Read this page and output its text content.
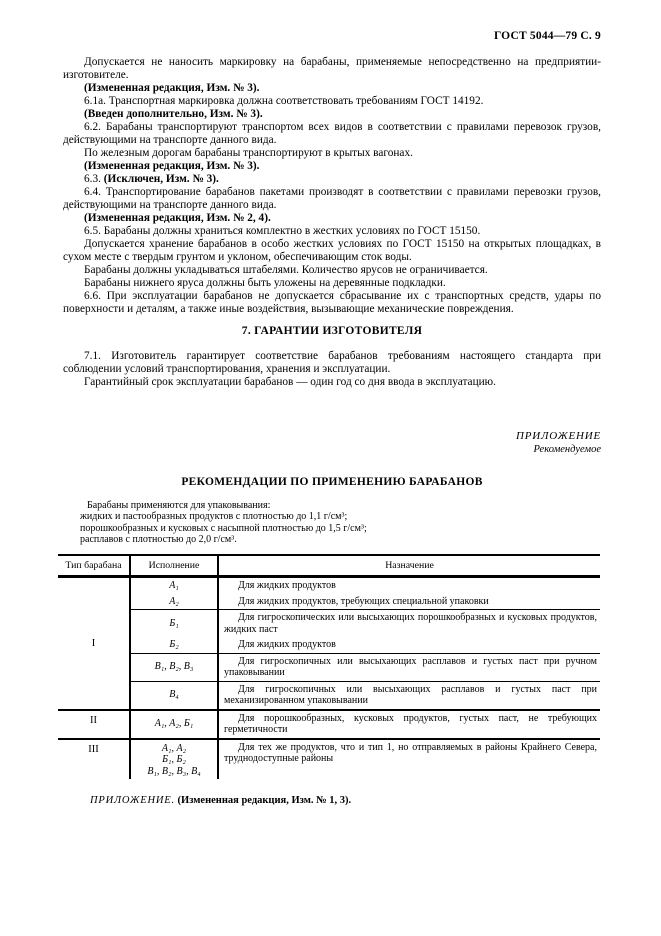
ГОСТ 5044—79 С. 9

Допускается не наносить маркировку на барабаны, применяемые непосредственно на предприятии-изготовителе.

(Измененная редакция, Изм. № 3).

6.1а. Транспортная маркировка должна соответствовать требованиям ГОСТ 14192.

(Введен дополнительно, Изм. № 3).

6.2. Барабаны транспортируют транспортом всех видов в соответствии с правилами перевозок грузов, действующими на транспорте данного вида.

По железным дорогам барабаны транспортируют в крытых вагонах.

(Измененная редакция, Изм. № 3).

6.3. (Исключен, Изм. № 3).

6.4. Транспортирование барабанов пакетами производят в соответствии с правилами перевозки грузов, действующими на транспорте данного вида.

(Измененная редакция, Изм. № 2, 4).

6.5. Барабаны должны храниться комплектно в жестких условиях по ГОСТ 15150.

Допускается хранение барабанов в особо жестких условиях по ГОСТ 15150 на открытых площадках, в сухом месте с твердым грунтом и уклоном, обеспечивающим сток воды.

Барабаны должны укладываться штабелями. Количество ярусов не ограничивается.

Барабаны нижнего яруса должны быть уложены на деревянные подкладки.

6.6. При эксплуатации барабанов не допускается сбрасывание их с транспортных средств, удары по поверхности и деталям, а также иные воздействия, вызывающие механические повреждения.

7. ГАРАНТИИ ИЗГОТОВИТЕЛЯ

7.1. Изготовитель гарантирует соответствие барабанов требованиям настоящего стандарта при соблюдении условий транспортирования, хранения и эксплуатации.

Гарантийный срок эксплуатации барабанов — один год со дня ввода в эксплуатацию.

ПРИЛОЖЕНИЕ
Рекомендуемое
РЕКОМЕНДАЦИИ ПО ПРИМЕНЕНИЮ БАРАБАНОВ

Барабаны применяются для упаковывания:

жидких и пастообразных продуктов с плотностью до 1,1 г/см³;

порошкообразных и кусковых с насыпной плотностью до 1,5 г/см³;

расплавов с плотностью до 2,0 г/см³.

Тип барабана	Исполнение	Назначение
I	А₁	Для жидких продуктов
	А₂	Для жидких продуктов, требующих специальной упаковки
	Б₁	Для гигроскопических или высыхающих порошкообразных и кусковых продуктов, жидких паст
	Б₂	Для жидких продуктов
	В₁, В₂, В₃	Для гигроскопичных или высыхающих расплавов и густых паст при ручном упаковывании
	В₄	Для гигроскопичных или высыхающих расплавов и густых паст при механизированном упаковывании
II	А₁, А₂, Б₁	Для порошкообразных, кусковых продуктов, густых паст, не требующих герметичности
III	А₁, А₂
Б₁, Б₂
В₁, В₂, В₃, В₄	Для тех же продуктов, что и тип 1, но отправляемых в районы Крайнего Севера, труднодоступные районы
ПРИЛОЖЕНИЕ. (Измененная редакция, Изм. № 1, 3).
